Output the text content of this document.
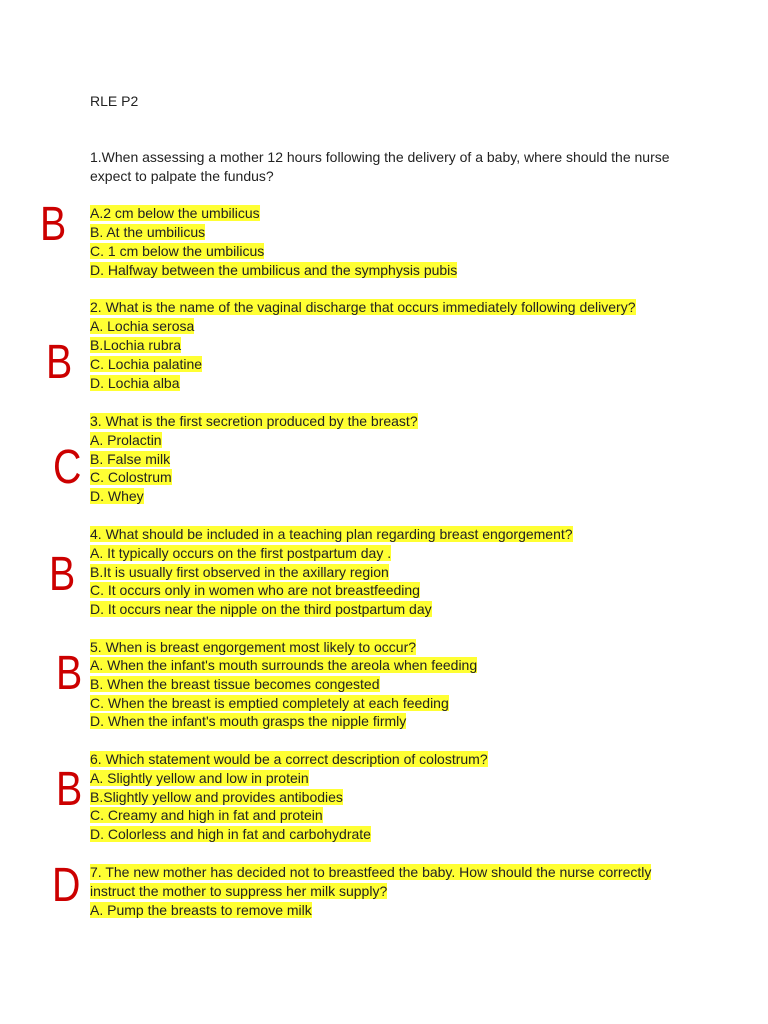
RLE P2
B
B
C
B
B
B
D
1.When assessing a mother 12 hours following the delivery of a baby, where should the nurse
expect to palpate the fundus?
A.2 cm below the umbilicus
B. At the umbilicus
C. 1 cm below the umbilicus
D. Halfway between the umbilicus and the symphysis pubis
2. What is the name of the vaginal discharge that occurs immediately following delivery?
A. Lochia serosa
B.Lochia rubra
C. Lochia palatine
D. Lochia alba
3. What is the first secretion produced by the breast?
A. Prolactin
B. False milk
C. Colostrum
D. Whey
4. What should be included in a teaching plan regarding breast engorgement?
A. It typically occurs on the first postpartum day .
B.It is usually first observed in the axillary region
C. It occurs only in women who are not breastfeeding
D. It occurs near the nipple on the third postpartum day
5. When is breast engorgement most likely to occur?
A. When the infant's mouth surrounds the areola when feeding
B. When the breast tissue becomes congested
C. When the breast is emptied completely at each feeding
D. When the infant's mouth grasps the nipple firmly
6. Which statement would be a correct description of colostrum?
A. Slightly yellow and low in protein
B.Slightly yellow and provides antibodies
C. Creamy and high in fat and protein
D. Colorless and high in fat and carbohydrate
7. The new mother has decided not to breastfeed the baby. How should the nurse correctly
instruct the mother to suppress her milk supply?
A. Pump the breasts to remove milk
